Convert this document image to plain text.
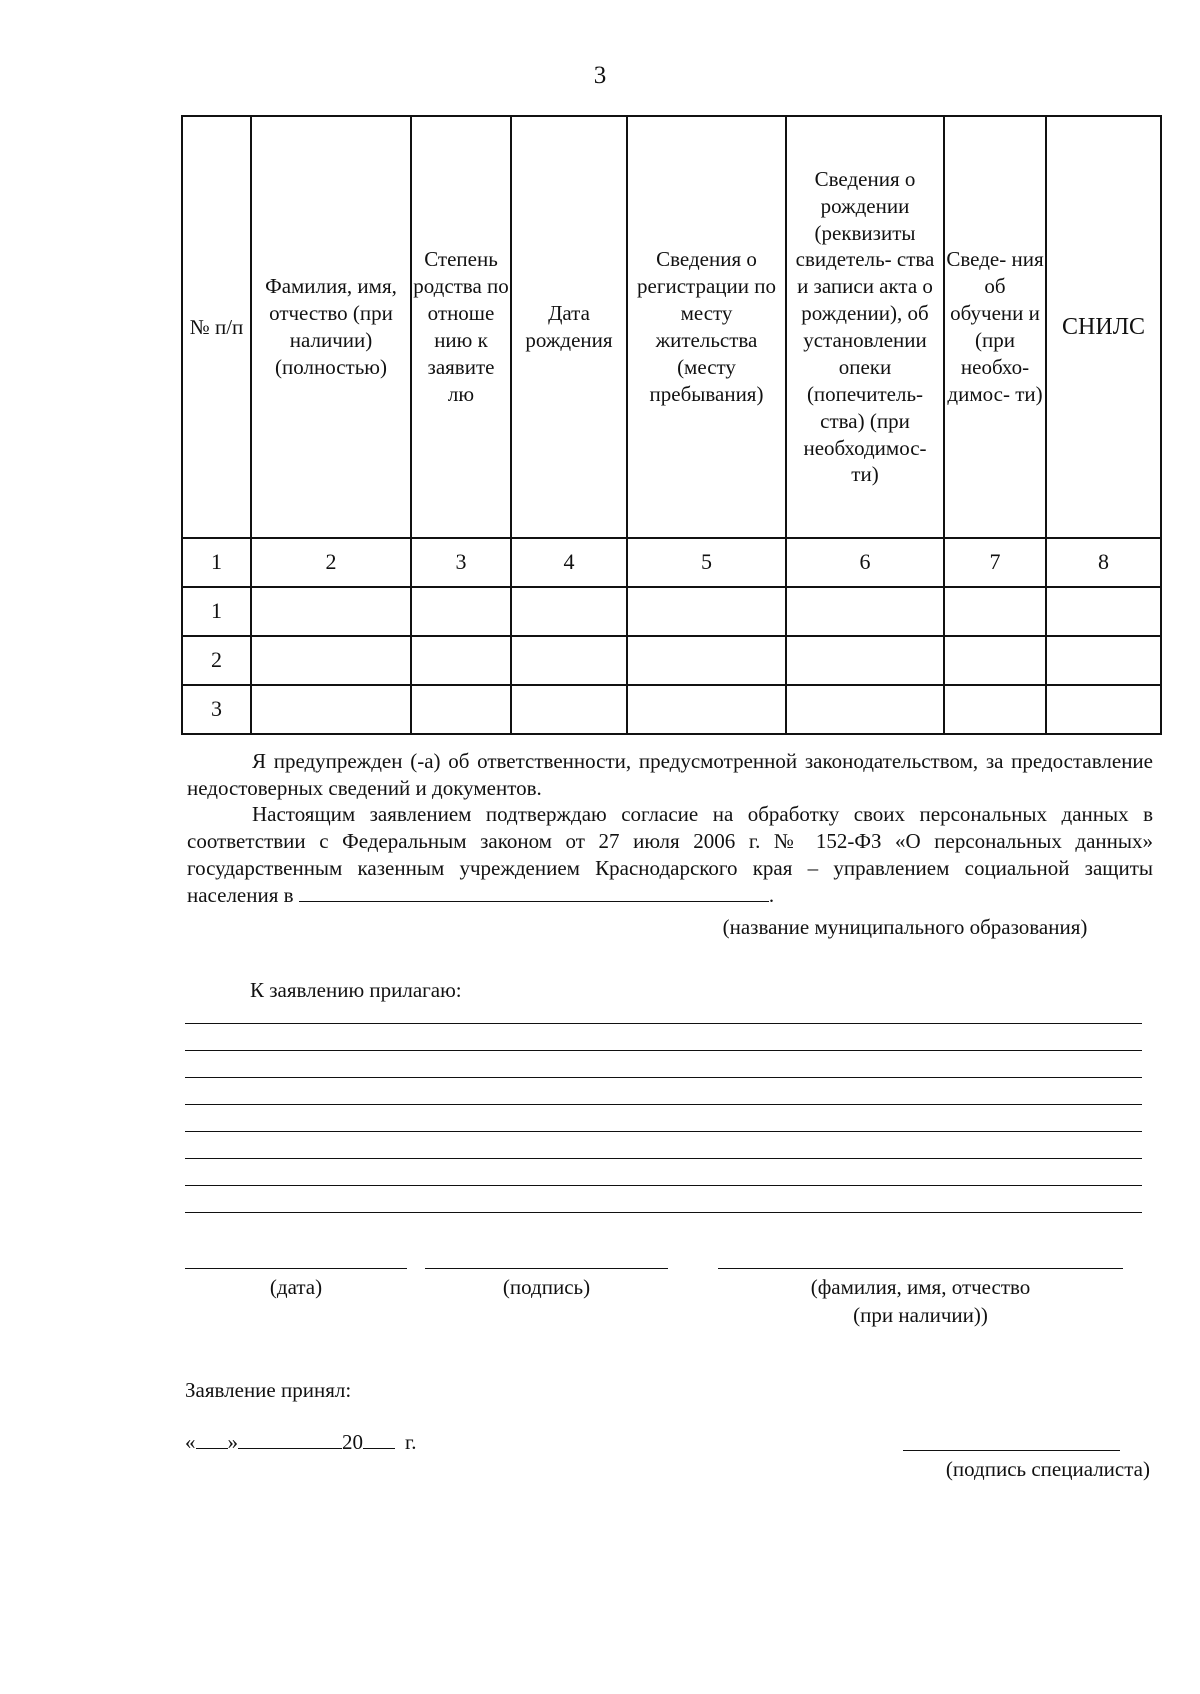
3
№ п/п	Фамилия, имя, отчество (при наличии) (полностью)	Степень родства по отноше нию к заявите лю	Дата рождения	Сведения о регистрации по месту жительства (месту пребывания)	Сведения о рождении (реквизиты свидетель- ства и записи акта о рождении), об установлении опеки (попечитель- ства) (при необходимос- ти)	Сведе- ния об обучени и (при необхо- димос- ти)	СНИЛС
1	2	3	4	5	6	7	8
1							
2							
3							
Я предупрежден (-а) об ответственности, предусмотренной законодательством, за предоставление недостоверных сведений и документов.
Настоящим заявлением подтверждаю согласие на обработку своих персональных данных в соответствии с Федеральным законом от 27 июля 2006 г. № 152-ФЗ «О персональных данных» государственным казенным учреждением Краснодарского края – управлением социальной защиты населения в	.
(название муниципального образования)
К заявлению прилагаю:
(дата)	(подпись)	(фамилия, имя, отчество
(при наличии))
Заявление принял:
« »	20 г.
(подпись специалиста)
